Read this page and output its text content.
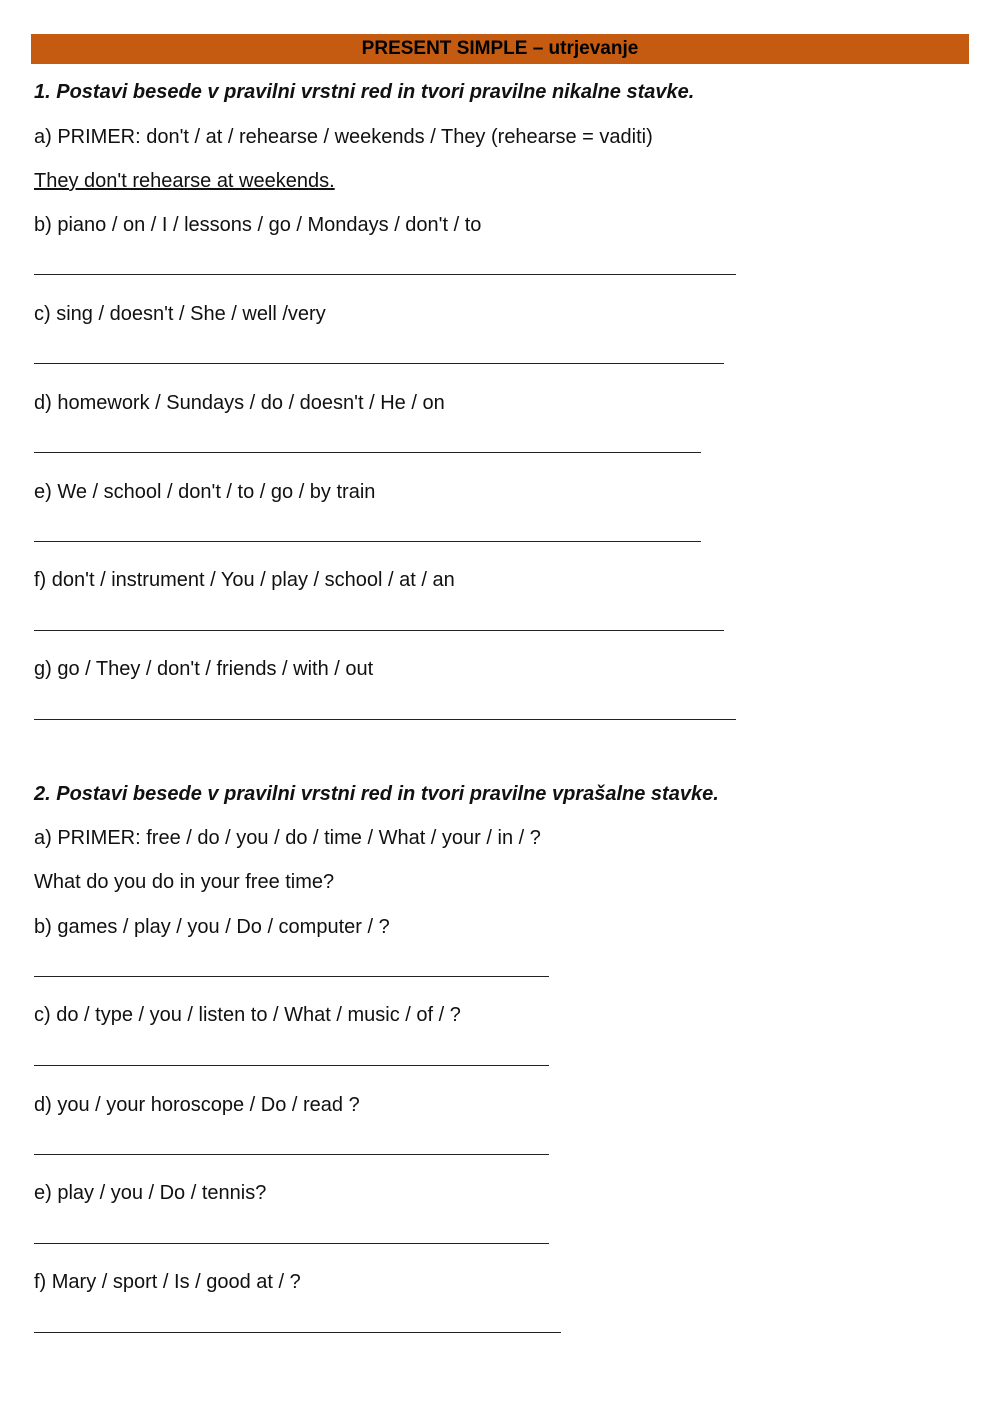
PRESENT SIMPLE – utrjevanje
1. Postavi besede v pravilni vrstni red in tvori pravilne nikalne stavke.
a) PRIMER: don't / at / rehearse / weekends / They (rehearse = vaditi)
They don't rehearse at weekends.
b) piano / on / I / lessons / go / Mondays / don't / to
c) sing / doesn't / She / well /very
d) homework / Sundays / do / doesn't / He / on
e) We / school / don't / to / go / by train
f) don't / instrument / You / play / school / at / an
g) go / They / don't / friends / with / out
2. Postavi besede v pravilni vrstni red in tvori pravilne vprašalne stavke.
a) PRIMER: free / do / you / do / time / What / your / in / ?
What do you do in your free time?
b) games / play / you / Do / computer / ?
c) do / type / you / listen to / What / music / of / ?
d) you / your horoscope / Do / read ?
e) play / you / Do / tennis?
f) Mary / sport / Is / good at / ?
